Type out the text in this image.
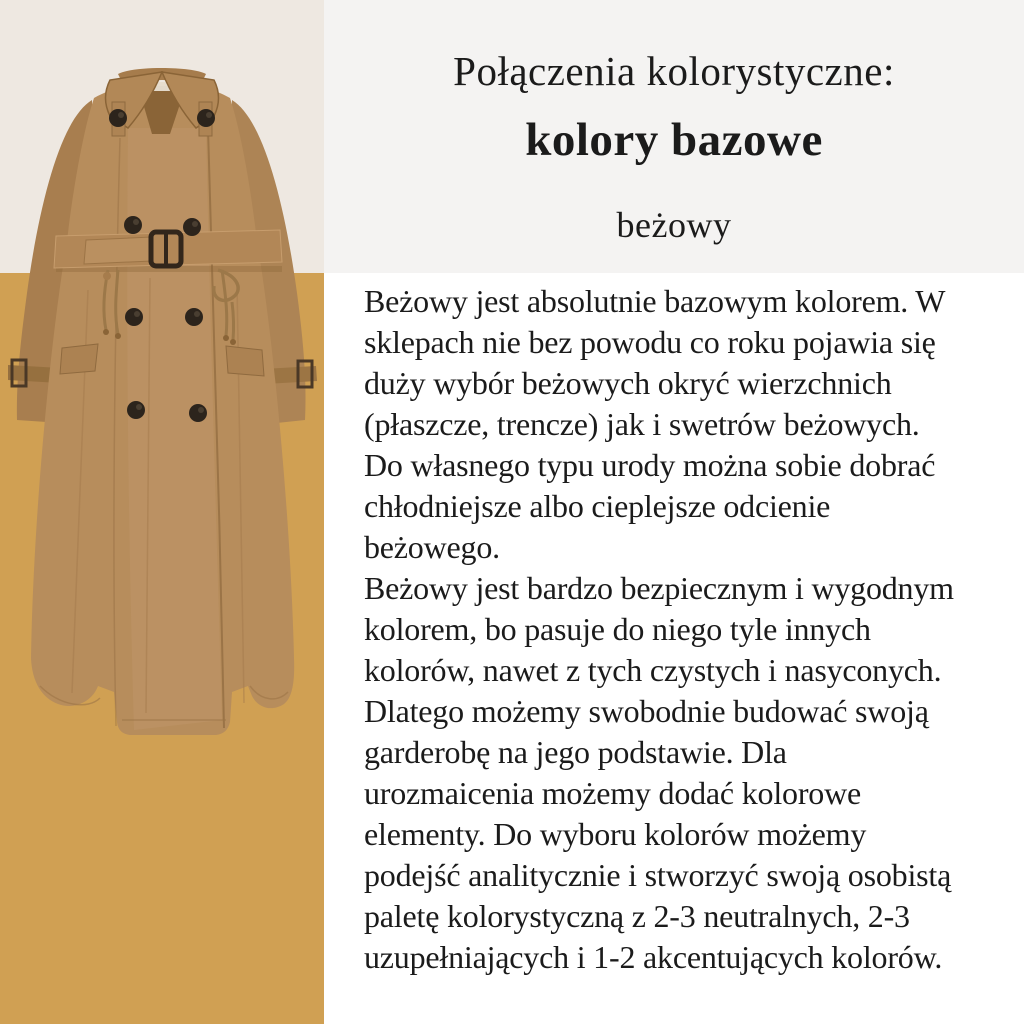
Połączenia kolorystyczne:
kolory bazowe
beżowy
Beżowy jest absolutnie bazowym kolorem. W
sklepach nie bez powodu co roku pojawia się
duży wybór beżowych okryć wierzchnich
(płaszcze, trencze) jak i swetrów beżowych.
Do własnego typu urody można sobie dobrać
chłodniejsze albo cieplejsze odcienie
beżowego.
Beżowy jest bardzo bezpiecznym i wygodnym
kolorem, bo pasuje do niego tyle innych
kolorów, nawet z tych czystych i nasyconych.
Dlatego możemy swobodnie budować swoją
garderobę na jego podstawie. Dla
urozmaicenia możemy dodać kolorowe
elementy. Do wyboru kolorów możemy
podejść analitycznie i stworzyć swoją osobistą
paletę kolorystyczną z 2-3 neutralnych, 2-3
uzupełniających i 1-2 akcentujących kolorów.
